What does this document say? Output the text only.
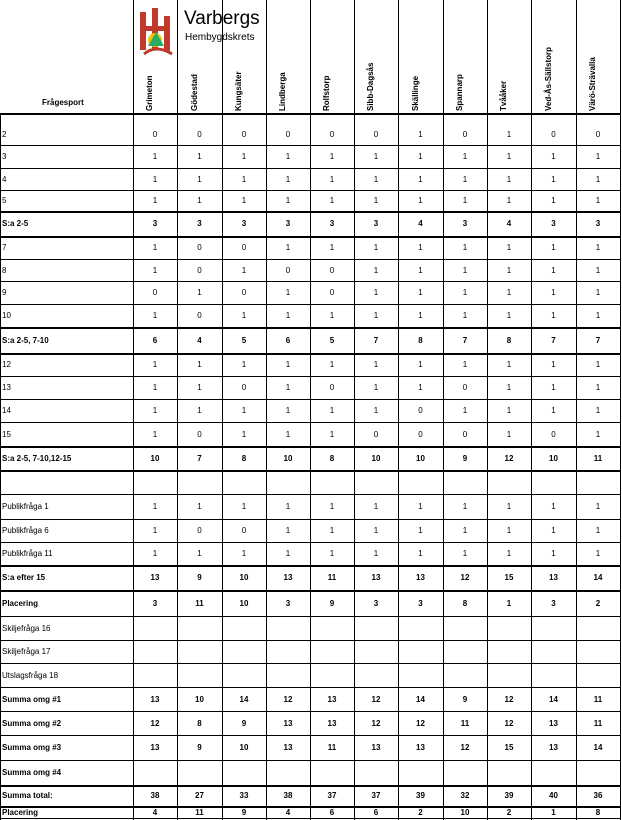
Varbergs
Hembygdskrets
Frågesport	Grimeton	Gödestad	Kungsäter	Lindberga	Rolfstorp	Sibb-Dagsås	Skällinge	Spannarp	Tvååker	Ved-Ås-Sällstorp	Värö-Strävalla
2	0	0	0	0	0	0	1	0	1	0	0
3	1	1	1	1	1	1	1	1	1	1	1
4	1	1	1	1	1	1	1	1	1	1	1
5	1	1	1	1	1	1	1	1	1	1	1
S:a 2-5	3	3	3	3	3	3	4	3	4	3	3
7	1	0	0	1	1	1	1	1	1	1	1
8	1	0	1	0	0	1	1	1	1	1	1
9	0	1	0	1	0	1	1	1	1	1	1
10	1	0	1	1	1	1	1	1	1	1	1
S:a 2-5, 7-10	6	4	5	6	5	7	8	7	8	7	7
12	1	1	1	1	1	1	1	1	1	1	1
13	1	1	0	1	0	1	1	0	1	1	1
14	1	1	1	1	1	1	0	1	1	1	1
15	1	0	1	1	1	0	0	0	1	0	1
S:a 2-5, 7-10,12-15	10	7	8	10	8	10	10	9	12	10	11
Publikfråga 1	1	1	1	1	1	1	1	1	1	1	1
Publikfråga 6	1	0	0	1	1	1	1	1	1	1	1
Publikfråga 11	1	1	1	1	1	1	1	1	1	1	1
S:a efter 15	13	9	10	13	11	13	13	12	15	13	14
Placering	3	11	10	3	9	3	3	8	1	3	2
Skiljefråga 16
Skiljefråga 17
Utslagsfråga 18
Summa omg #1	13	10	14	12	13	12	14	9	12	14	11
Summa omg #2	12	8	9	13	13	12	12	11	12	13	11
Summa omg #3	13	9	10	13	11	13	13	12	15	13	14
Summa omg #4
Summa total:	38	27	33	38	37	37	39	32	39	40	36
Placering	4	11	9	4	6	6	2	10	2	1	8
